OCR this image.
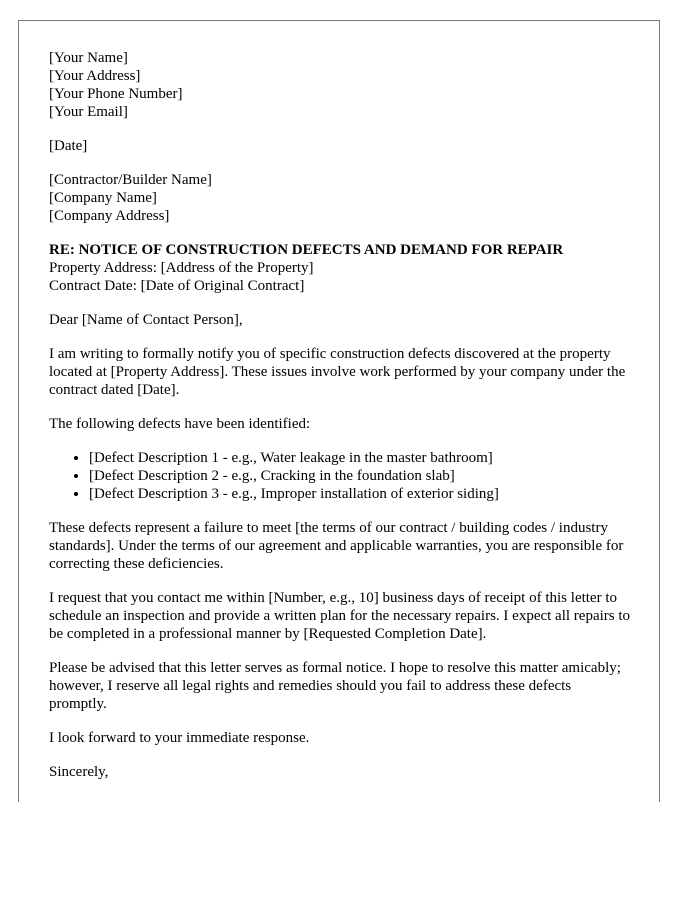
[Your Name]
[Your Address]
[Your Phone Number]
[Your Email]
[Date]
[Contractor/Builder Name]
[Company Name]
[Company Address]
RE: NOTICE OF CONSTRUCTION DEFECTS AND DEMAND FOR REPAIR
Property Address: [Address of the Property]
Contract Date: [Date of Original Contract]

Dear [Name of Contact Person],

I am writing to formally notify you of specific construction defects discovered at the property located at [Property Address]. These issues involve work performed by your company under the contract dated [Date].

The following defects have been identified:

• [Defect Description 1 - e.g., Water leakage in the master bathroom]
• [Defect Description 2 - e.g., Cracking in the foundation slab]
• [Defect Description 3 - e.g., Improper installation of exterior siding]

These defects represent a failure to meet [the terms of our contract / building codes / industry standards]. Under the terms of our agreement and applicable warranties, you are responsible for correcting these deficiencies.

I request that you contact me within [Number, e.g., 10] business days of receipt of this letter to schedule an inspection and provide a written plan for the necessary repairs. I expect all repairs to be completed in a professional manner by [Requested Completion Date].

Please be advised that this letter serves as formal notice. I hope to resolve this matter amicably; however, I reserve all legal rights and remedies should you fail to address these defects promptly.

I look forward to your immediate response.

Sincerely,
